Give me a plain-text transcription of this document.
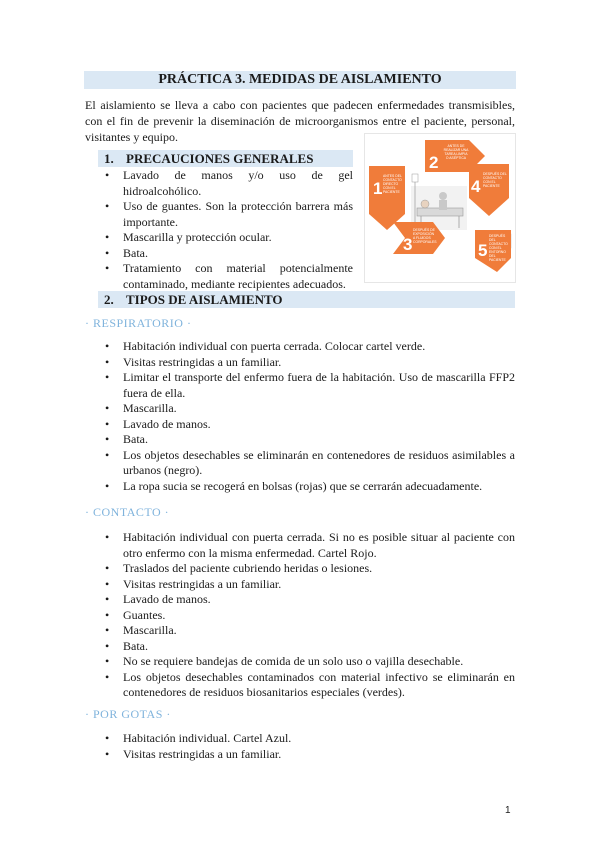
PRÁCTICA 3. MEDIDAS DE AISLAMIENTO

El aislamiento se lleva a cabo con pacientes que padecen enfermedades transmisibles, con el fin de prevenir la diseminación de microorganismos entre el paciente, personal, visitantes y equipo.

1. PRECAUCIONES GENERALES
• Lavado de manos y/o uso de gel hidroalcohólico.
• Uso de guantes. Son la protección barrera más importante.
• Mascarilla y protección ocular.
• Bata.
• Tratamiento con material potencialmente contaminado, mediante recipientes adecuados.
1
2
3
4
5
ANTES DEL CONTACTO DIRECTO CON EL PACIENTE
ANTES DE REALIZAR UNA TAREA LIMPIA O ASÉPTICA
DESPUÉS DE EXPOSICIÓN A FLUIDOS CORPORALES
DESPUÉS DEL CONTACTO CON EL PACIENTE
DESPUÉS DEL CONTACTO CON EL ENTORNO DEL PACIENTE
2. TIPOS DE AISLAMIENTO
· RESPIRATORIO ·
• Habitación individual con puerta cerrada. Colocar cartel verde.
• Visitas restringidas a un familiar.
• Limitar el transporte del enfermo fuera de la habitación. Uso de mascarilla FFP2 fuera de ella.
• Mascarilla.
• Lavado de manos.
• Bata.
• Los objetos desechables se eliminarán en contenedores de residuos asimilables a urbanos (negro).
• La ropa sucia se recogerá en bolsas (rojas) que se cerrarán adecuadamente.
· CONTACTO ·
• Habitación individual con puerta cerrada. Si no es posible situar al paciente con otro enfermo con la misma enfermedad. Cartel Rojo.
• Traslados del paciente cubriendo heridas o lesiones.
• Visitas restringidas a un familiar.
• Lavado de manos.
• Guantes.
• Mascarilla.
• Bata.
• No se requiere bandejas de comida de un solo uso o vajilla desechable.
• Los objetos desechables contaminados con material infectivo se eliminarán en contenedores de residuos biosanitarios especiales (verdes).
· POR GOTAS ·
• Habitación individual. Cartel Azul.
• Visitas restringidas a un familiar.
1
